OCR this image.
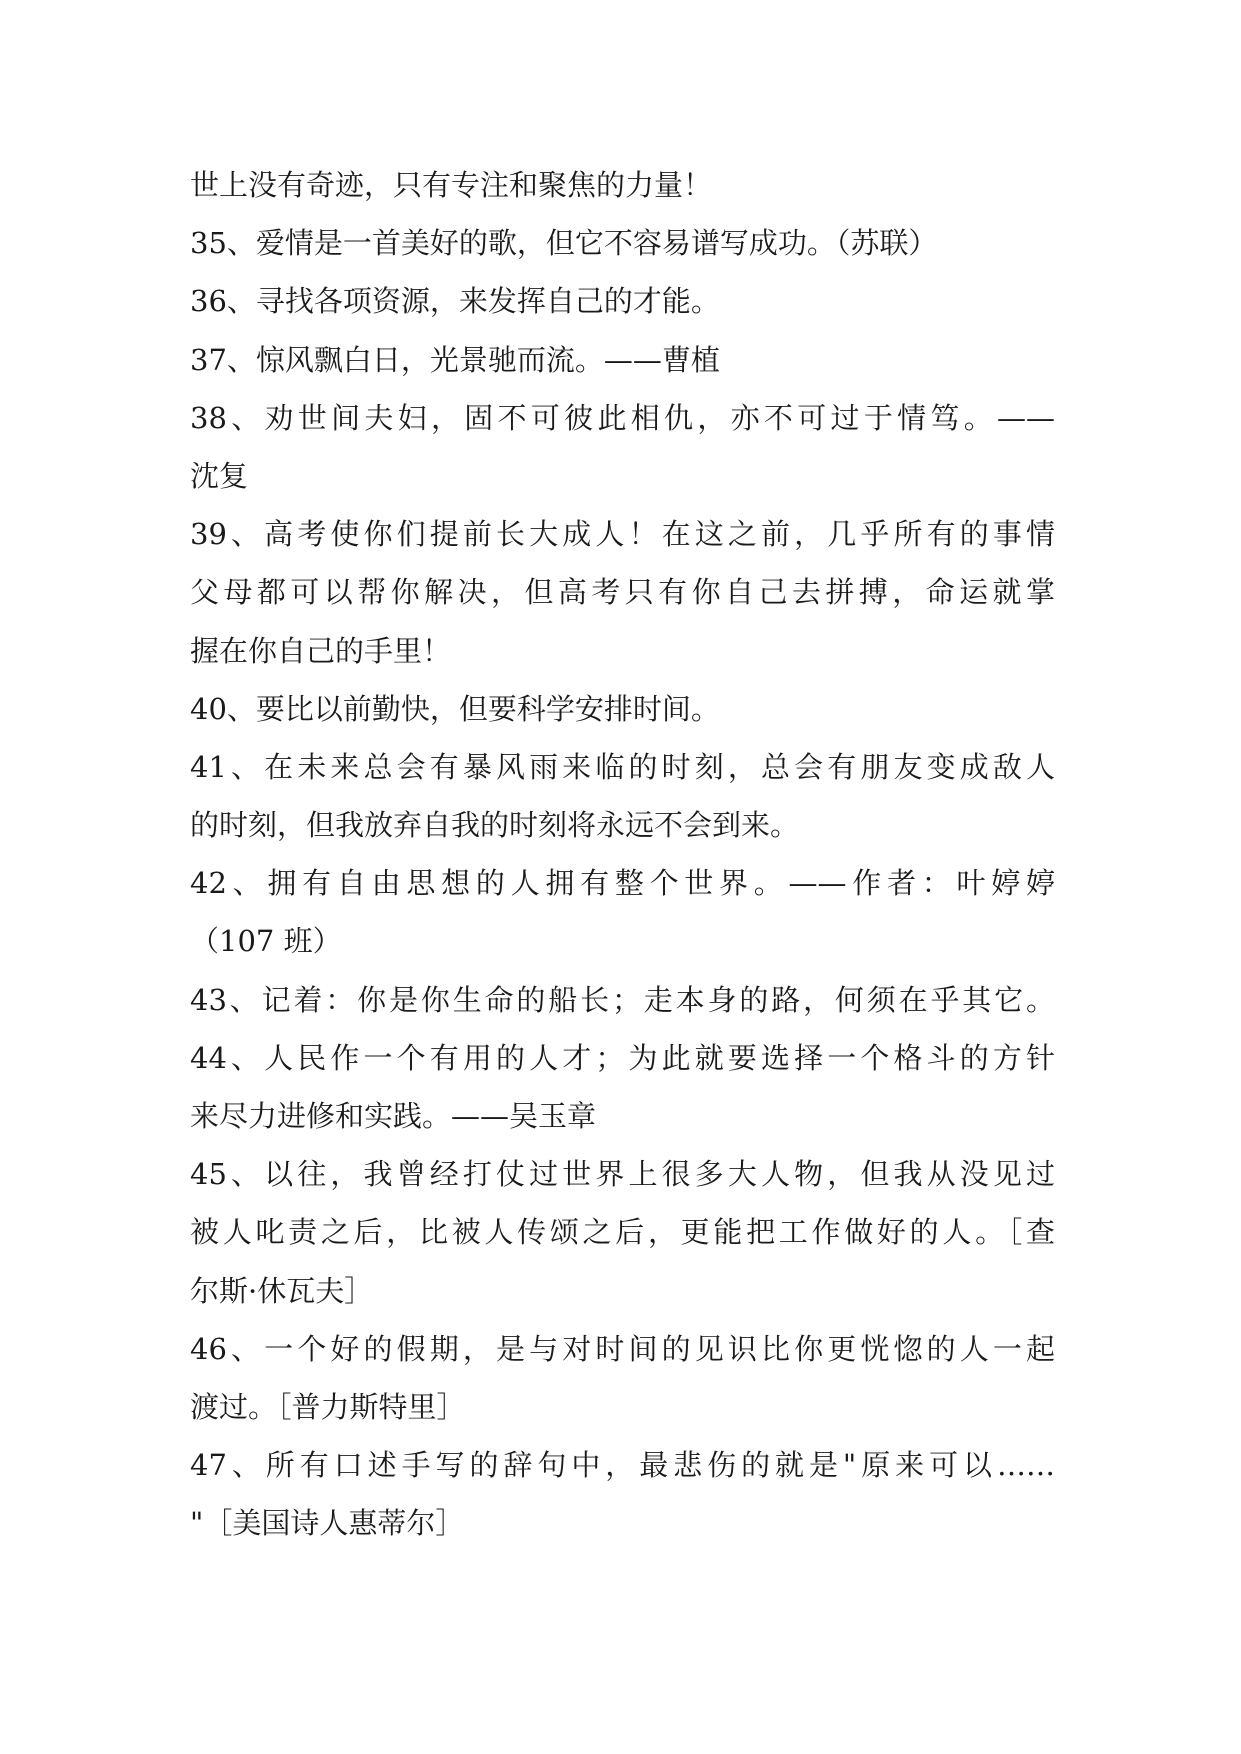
世上没有奇迹，只有专注和聚焦的力量！
35、爱情是一首美好的歌，但它不容易谱写成功。（苏联）
36、寻找各项资源，来发挥自己的才能。
37、惊风飘白日，光景驰而流。——曹植
38、劝世间夫妇，固不可彼此相仇，亦不可过于情笃。——
沈复
39、高考使你们提前长大成人！在这之前，几乎所有的事情
父母都可以帮你解决，但高考只有你自己去拼搏，命运就掌
握在你自己的手里！
40、要比以前勤快，但要科学安排时间。
41、在未来总会有暴风雨来临的时刻，总会有朋友变成敌人
的时刻，但我放弃自我的时刻将永远不会到来。
42、拥有自由思想的人拥有整个世界。——作者：叶婷婷
（107 班）
43、记着：你是你生命的船长；走本身的路，何须在乎其它。
44、人民作一个有用的人才；为此就要选择一个格斗的方针
来尽力进修和实践。——吴玉章
45、以往，我曾经打仗过世界上很多大人物，但我从没见过
被人叱责之后，比被人传颂之后，更能把工作做好的人。［查
尔斯·休瓦夫］
46、一个好的假期，是与对时间的见识比你更恍惚的人一起
渡过。［普力斯特里］
47、所有口述手写的辞句中，最悲伤的就是"原来可以……
"［美国诗人惠蒂尔］
